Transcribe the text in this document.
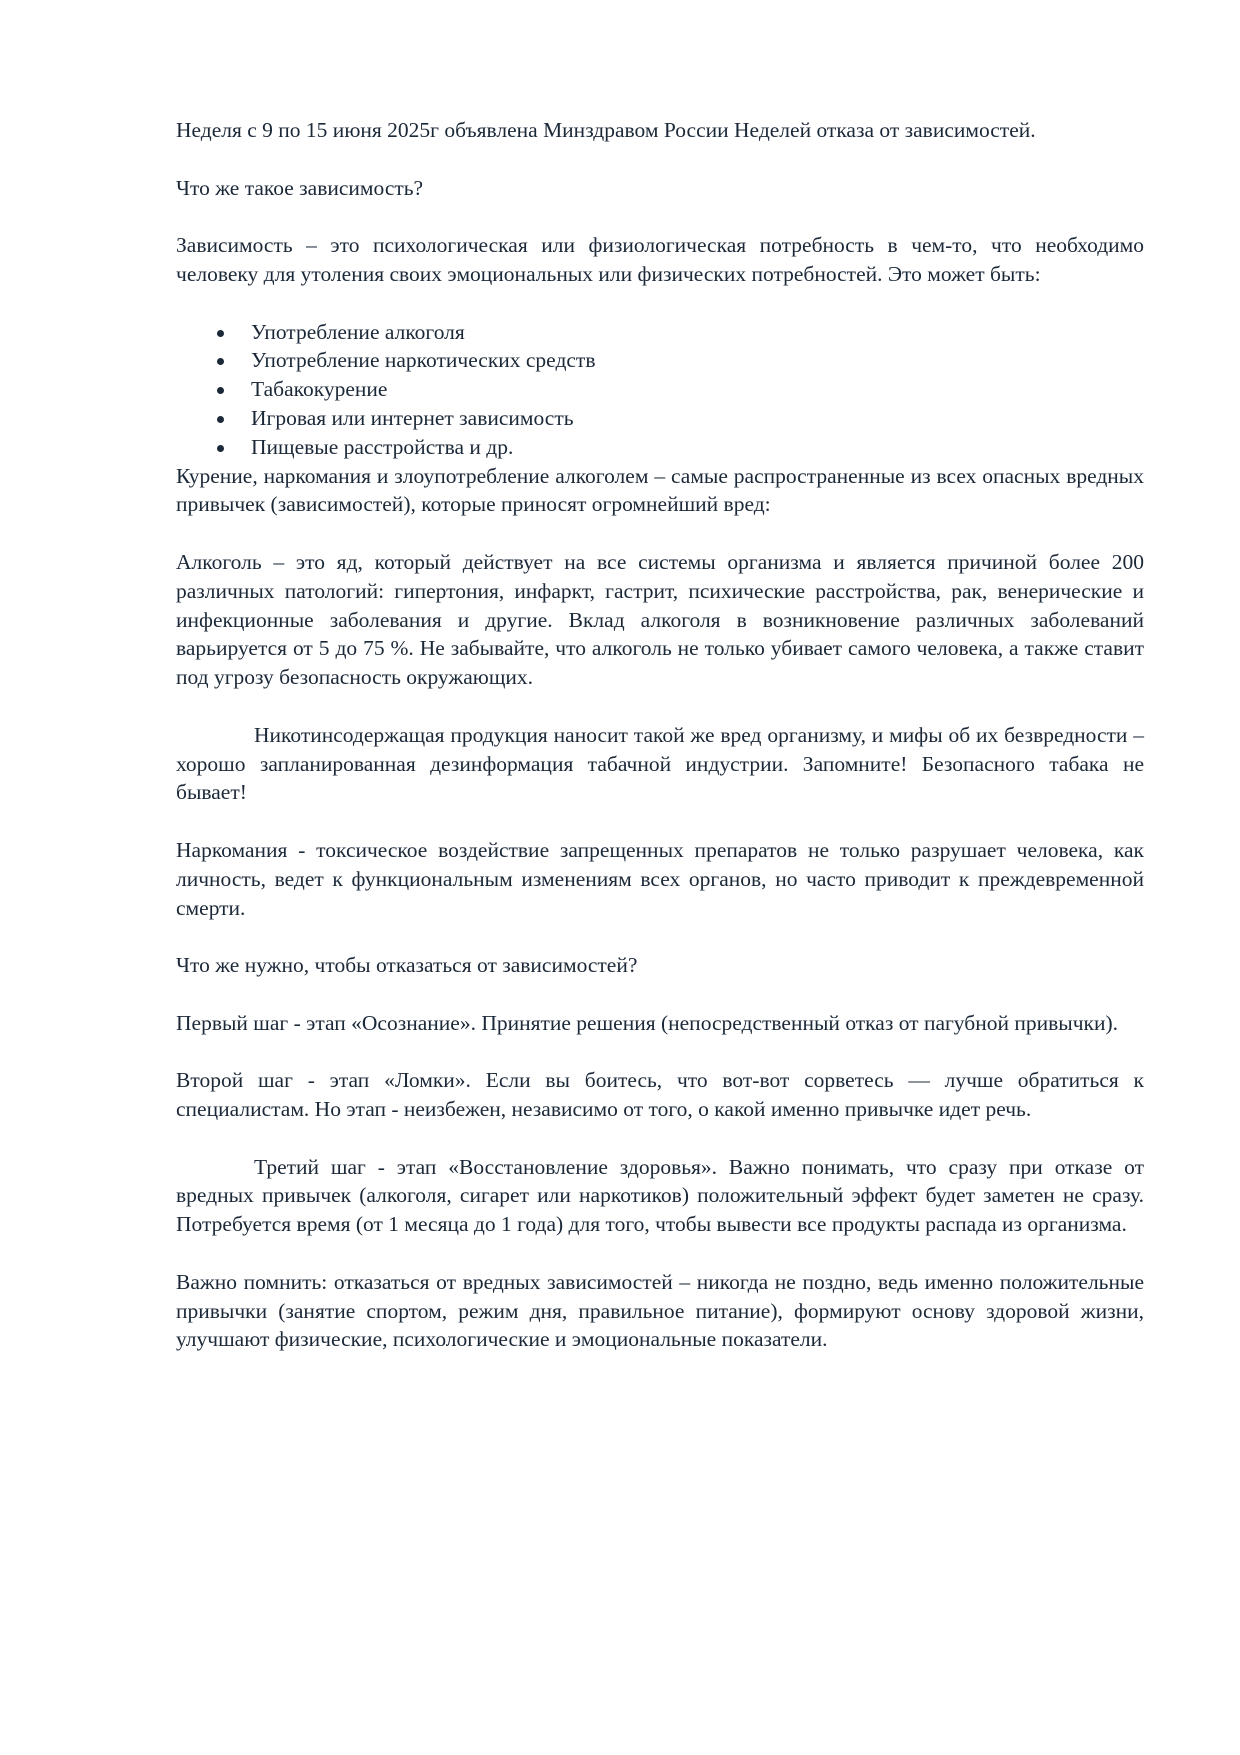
Неделя с 9 по 15 июня 2025г объявлена Минздравом России Неделей отказа от зависимостей.

Что же такое зависимость?

Зависимость – это психологическая или физиологическая потребность в чем-то, что необходимо человеку для утоления своих эмоциональных или физических потребностей. Это может быть:

Употребление алкоголя
Употребление наркотических средств
Табакокурение
Игровая или интернет зависимость
Пищевые расстройства и др.

Курение, наркомания и злоупотребление алкоголем – самые распространенные из всех опасных вредных привычек (зависимостей), которые приносят огромнейший вред:

Алкоголь – это яд, который действует на все системы организма и является причиной более 200 различных патологий: гипертония, инфаркт, гастрит, психические расстройства, рак, венерические и инфекционные заболевания и другие. Вклад алкоголя в возникновение различных заболеваний варьируется от 5 до 75 %. Не забывайте, что алкоголь не только убивает самого человека, а также ставит под угрозу безопасность окружающих.

Никотинсодержащая продукция наносит такой же вред организму, и мифы об их безвредности – хорошо запланированная дезинформация табачной индустрии. Запомните! Безопасного табака не бывает!

Наркомания - токсическое воздействие запрещенных препаратов не только разрушает человека, как личность, ведет к функциональным изменениям всех органов, но часто приводит к преждевременной смерти.

Что же нужно, чтобы отказаться от зависимостей?

Первый шаг - этап «Осознание». Принятие решения (непосредственный отказ от пагубной привычки).

Второй шаг - этап «Ломки». Если вы боитесь, что вот-вот сорветесь — лучше обратиться к специалистам. Но этап - неизбежен, независимо от того, о какой именно привычке идет речь.

Третий шаг - этап «Восстановление здоровья». Важно понимать, что сразу при отказе от вредных привычек (алкоголя, сигарет или наркотиков) положительный эффект будет заметен не сразу. Потребуется время (от 1 месяца до 1 года) для того, чтобы вывести все продукты распада из организма.

Важно помнить: отказаться от вредных зависимостей – никогда не поздно, ведь именно положительные привычки (занятие спортом, режим дня, правильное питание), формируют основу здоровой жизни, улучшают физические, психологические и эмоциональные показатели.
